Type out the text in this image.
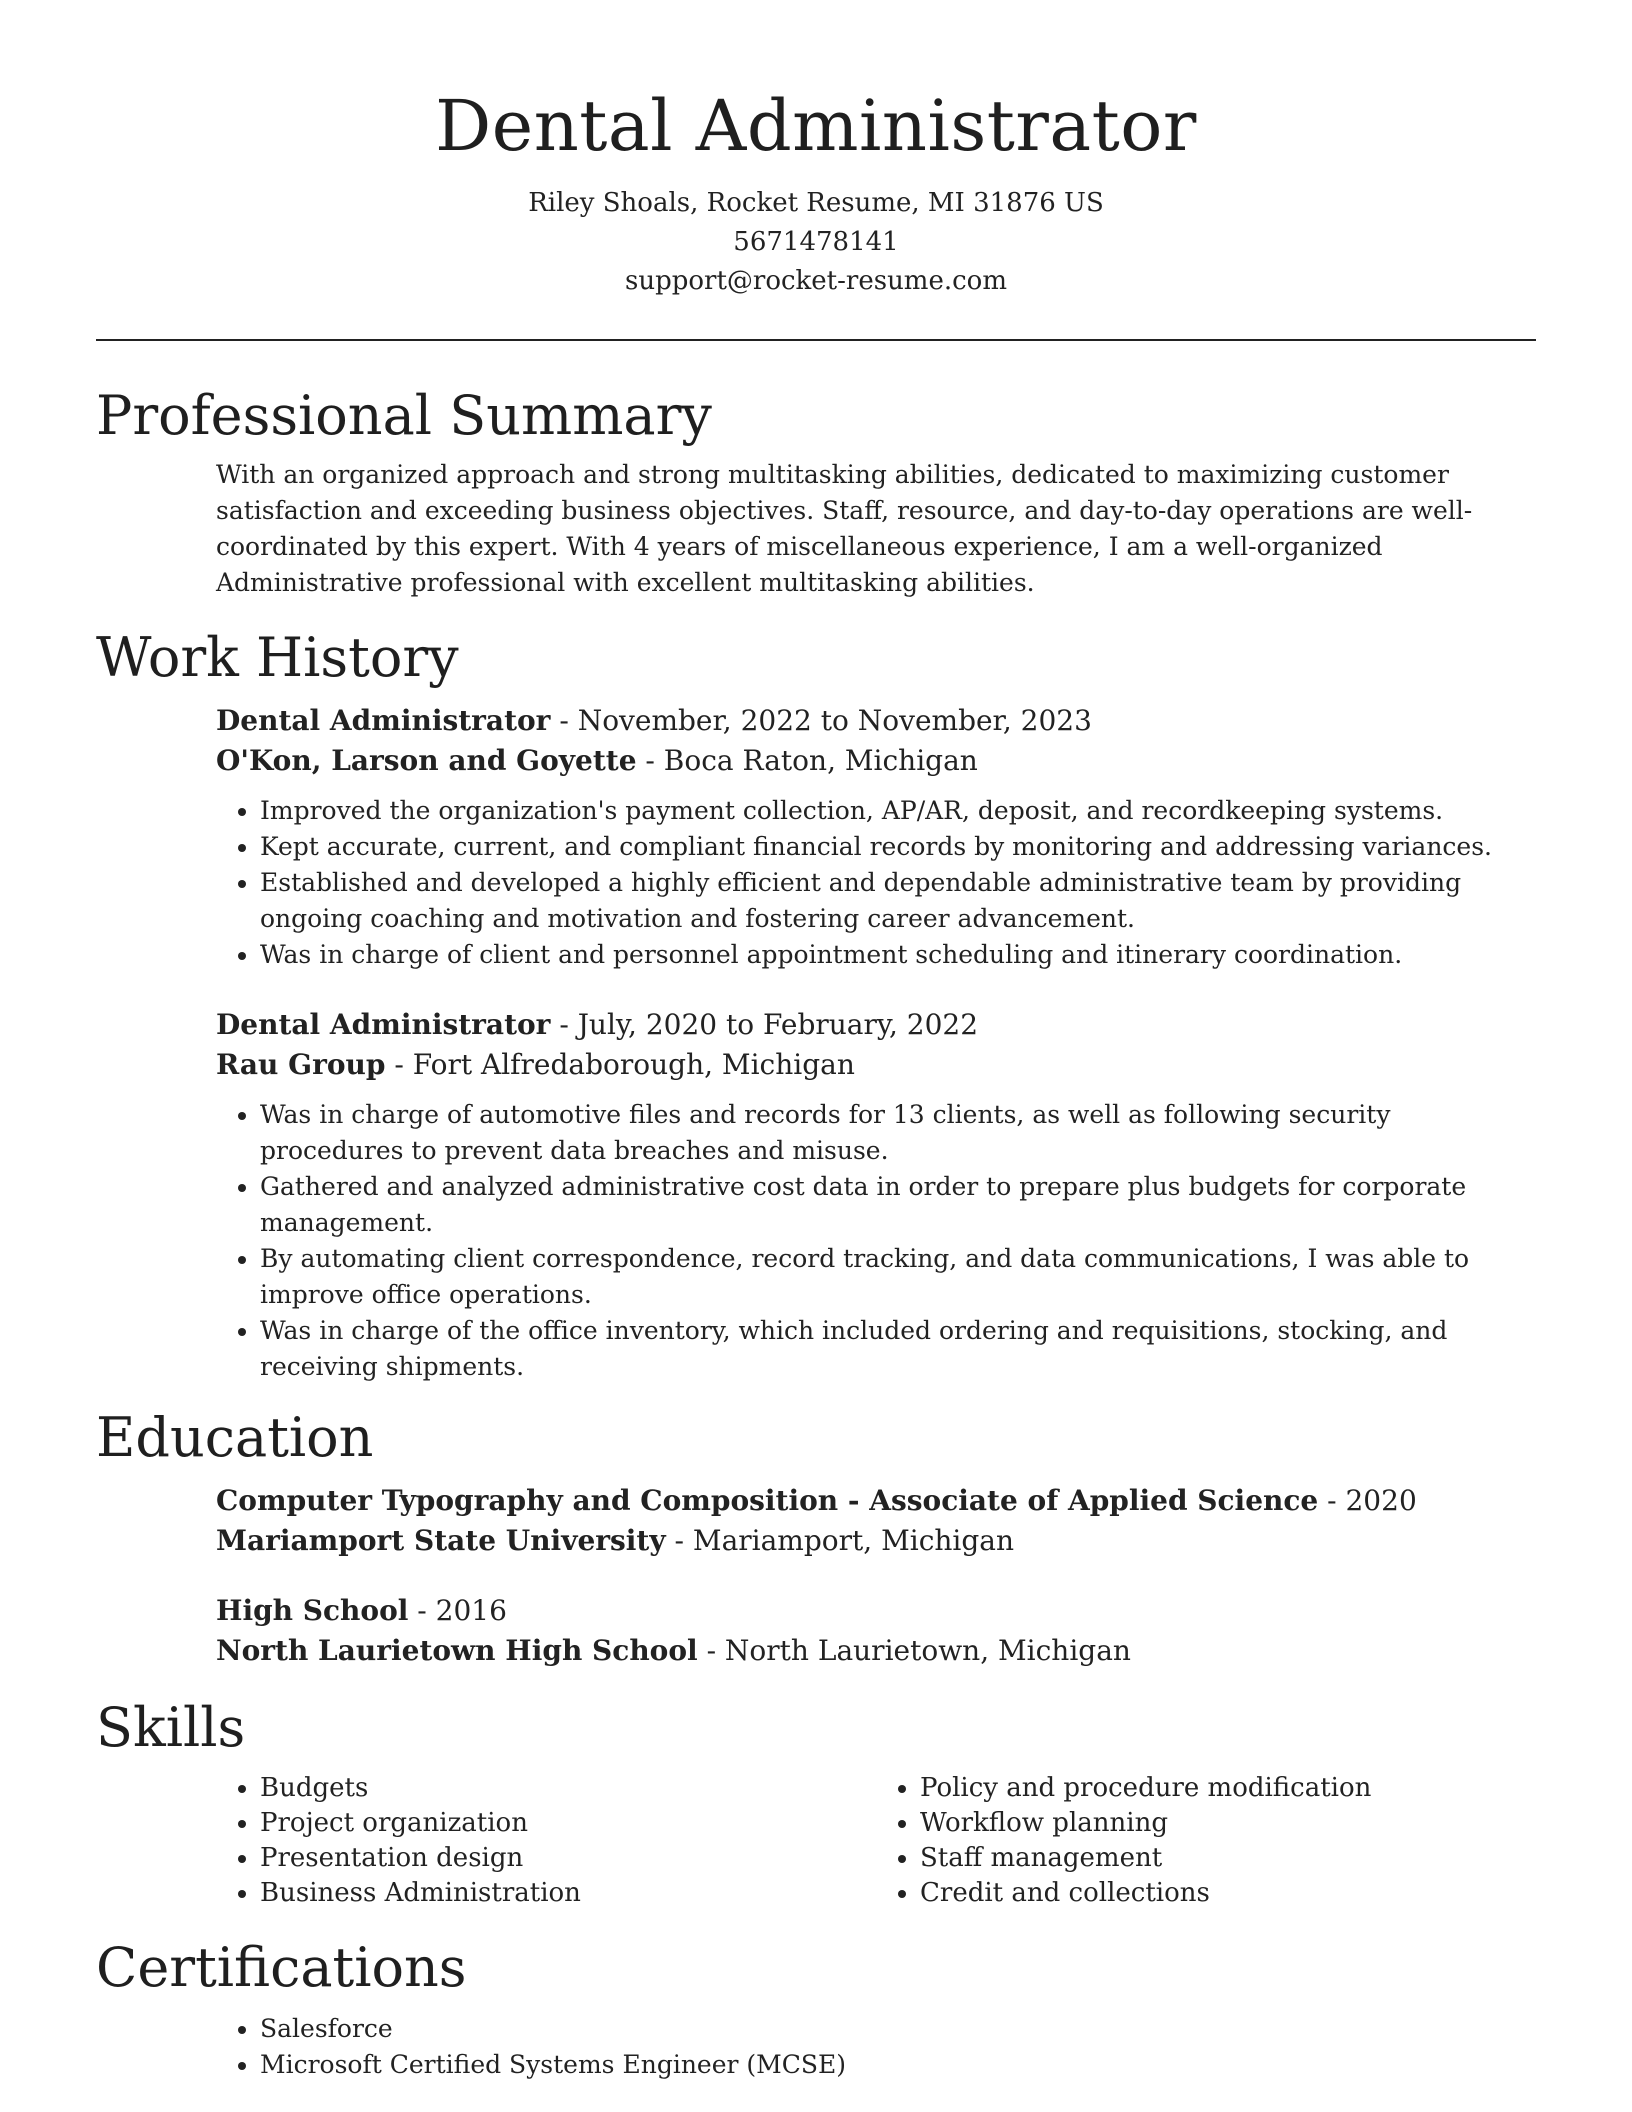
Dental Administrator
Riley Shoals, Rocket Resume, MI 31876 US
5671478141
support@rocket-resume.com
Professional Summary

With an organized approach and strong multitasking abilities, dedicated to maximizing customer satisfaction and exceeding business objectives. Staff, resource, and day-to-day operations are well-coordinated by this expert. With 4 years of miscellaneous experience, I am a well-organized Administrative professional with excellent multitasking abilities.

Work History

Dental Administrator - November, 2022 to November, 2023

O'Kon, Larson and Goyette - Boca Raton, Michigan

• Improved the organization's payment collection, AP/AR, deposit, and recordkeeping systems.
• Kept accurate, current, and compliant financial records by monitoring and addressing variances.
• Established and developed a highly efficient and dependable administrative team by providing ongoing coaching and motivation and fostering career advancement.
• Was in charge of client and personnel appointment scheduling and itinerary coordination.

Dental Administrator - July, 2020 to February, 2022

Rau Group - Fort Alfredaborough, Michigan

• Was in charge of automotive files and records for 13 clients, as well as following security procedures to prevent data breaches and misuse.
• Gathered and analyzed administrative cost data in order to prepare plus budgets for corporate management.
• By automating client correspondence, record tracking, and data communications, I was able to improve office operations.
• Was in charge of the office inventory, which included ordering and requisitions, stocking, and receiving shipments.
Education

Computer Typography and Composition - Associate of Applied Science - 2020

Mariamport State University - Mariamport, Michigan

High School - 2016

North Laurietown High School - North Laurietown, Michigan

Skills
• Budgets
• Project organization
• Presentation design
• Business Administration
• Policy and procedure modification
• Workflow planning
• Staff management
• Credit and collections
Certifications
• Salesforce
• Microsoft Certified Systems Engineer (MCSE)
